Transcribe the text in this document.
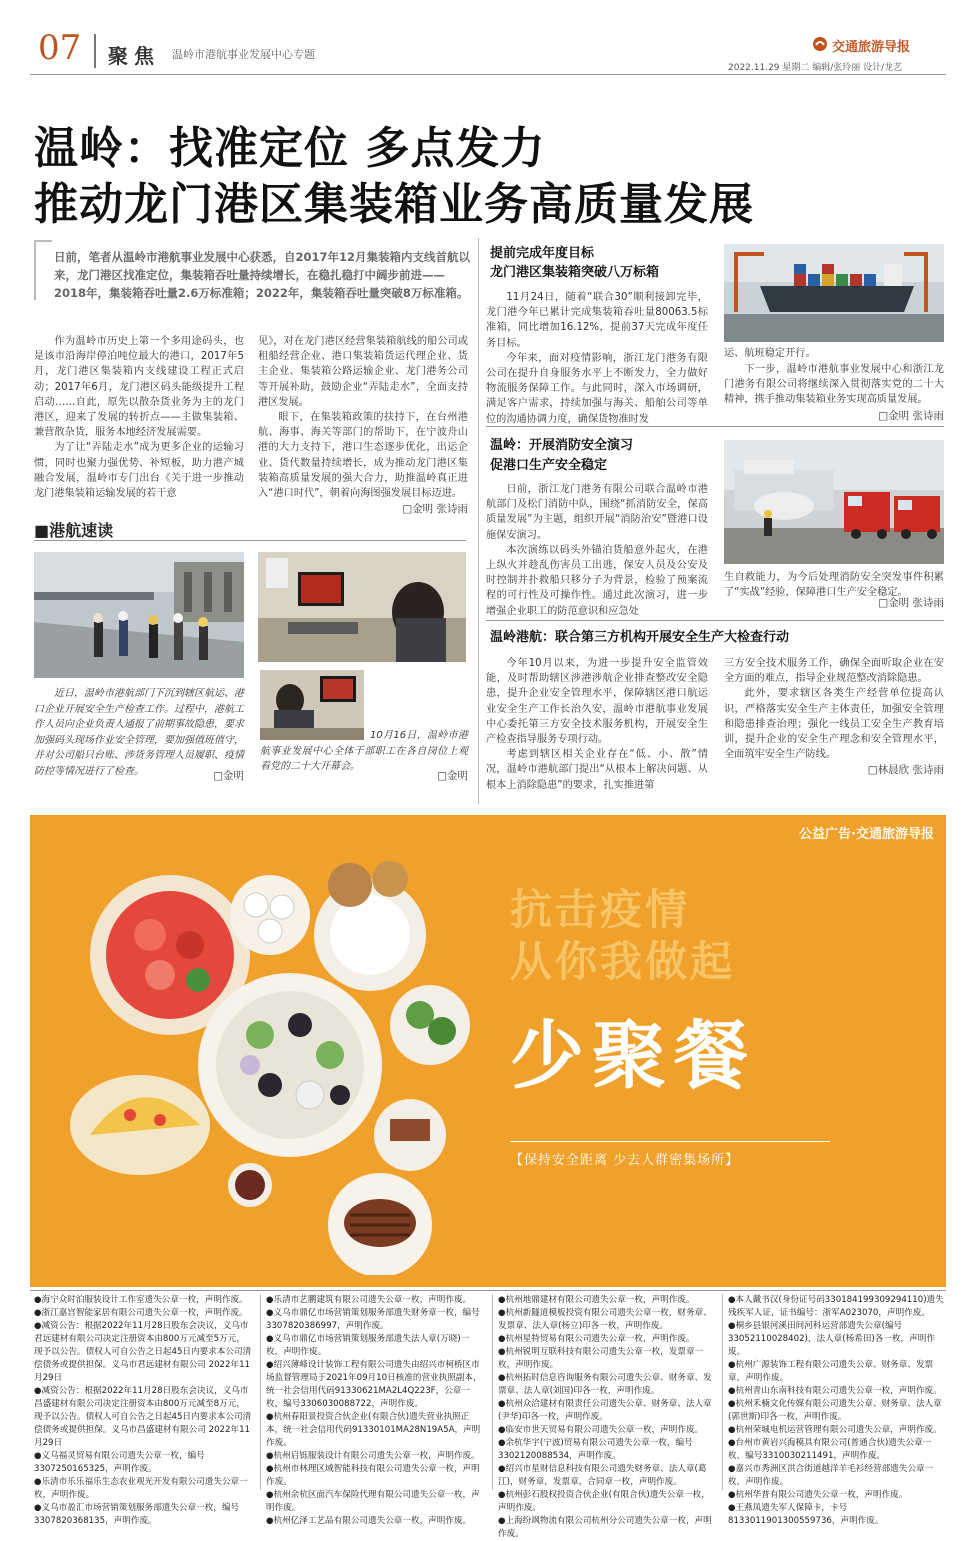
07 聚焦 温岭市港航事业发展中心专题	交通旅游导报
2022.11.29 星期二 编辑/张玲丽 设计/龙艺
温岭：找准定位 多点发力
推动龙门港区集装箱业务高质量发展

日前，笔者从温岭市港航事业发展中心获悉，自2017年12月集装箱内支线首航以来，龙门港区找准定位，集装箱吞吐量持续增长，在稳扎稳打中阔步前进——2018年，集装箱吞吐量2.6万标准箱；2022年，集装箱吞吐量突破8万标准箱。

作为温岭市历史上第一个多用途码头，也是该市沿海岸停泊吨位最大的港口，2017年5月，龙门港区集装箱内支线建设工程正式启动；2017年6月，龙门港区码头能级提升工程启动……自此，原先以散杂货业务为主的龙门港区，迎来了发展的转折点——主做集装箱、兼营散杂货，服务本地经济发展需要。

为了让“弄陆走水”成为更多企业的运输习惯，同时也聚力强优势、补短板，助力港产城融合发展，温岭市专门出台《关于进一步推动龙门港集装箱运输发展的若干意

见》，对在龙门港区经营集装箱航线的船公司或租船经营企业、港口集装箱货运代理企业、货主企业、集装箱公路运输企业、龙门港务公司等开展补助，鼓励企业“弄陆走水”，全面支持港区发展。

眼下，在集装箱政策的扶持下，在台州港航、海事、海关等部门的帮助下，在宁波舟山港的大力支持下，港口生态逐步优化，出运企业、货代数量持续增长，成为推动龙门港区集装箱高质量发展的强大合力，助推温岭真正进入“港口时代”，朝着向海图强发展目标迈进。

□金明 张诗雨

■港航速读

近日，温岭市港航部门下沉到辖区航运、港口企业开展安全生产检查工作。过程中，港航工作人员向企业负责人通报了前期事故隐患，要求加强码头现场作业安全管理，要加强值班值守，并对公司船只台账、涉货务管理人员履职、疫情防控等情况进行了检查。	□金明

10月16日，温岭市港航事业发展中心全体干部职工在各自岗位上观看党的二十大开幕会。

□金明

提前完成年度目标
龙门港区集装箱突破八万标箱

11月24日，随着“联合30”顺利接卸完毕，龙门港今年已累计完成集装箱吞吐量80063.5标准箱，同比增加16.12%，提前37天完成年度任务目标。

今年来，面对疫情影响，浙江龙门港务有限公司在提升自身服务水平上不断发力，全力做好物流服务保障工作。与此同时，深入市场调研，满足客户需求，持续加强与海关、船舶公司等单位的沟通协调力度，确保货物准时发

运、航班稳定开行。

下一步，温岭市港航事业发展中心和浙江龙门港务有限公司将继续深入贯彻落实党的二十大精神，携手推动集装箱业务实现高质量发展。

□金明 张诗雨

温岭：开展消防安全演习
促港口生产安全稳定

日前，浙江龙门港务有限公司联合温岭市港航部门及松门消防中队，围绕“抓消防安全，保高质量发展”为主题，组织开展“消防治安”暨港口设施保安演习。

本次演练以码头外锚泊货船意外起火，在港上纵火并趁乱伤害员工出逃，保安人员及公安及时控制并扑救船只移分子为背景，检验了预案流程的可行性及可操作性。通过此次演习，进一步增强企业职工的防范意识和应急处

生自救能力，为今后处理消防安全突发事件积累了“实战”经验，保障港口生产安全稳定。

□金明 张诗雨

温岭港航：联合第三方机构开展安全生产大检查行动

今年10月以来，为进一步提升安全监管效能，及时帮助辖区涉港涉航企业排查整改安全隐患，提升企业安全管理水平，保障辖区港口航运业安全生产工作长治久安，温岭市港航事业发展中心委托第三方安全技术服务机构，开展安全生产检查指导服务专项行动。

考虑到辖区相关企业存在“低、小、散”情况，温岭市港航部门提出“从根本上解决问题、从根本上消除隐患”的要求，扎实推进第

三方安全技术服务工作，确保全面听取企业在安全方面的难点，指导企业规范整改消除隐患。

此外，要求辖区各类生产经营单位提高认识，严格落实安全生产主体责任，加强安全管理和隐患排查治理；强化一线员工安全生产教育培训，提升企业的安全生产理念和安全管理水平，全面筑牢安全生产防线。

□林晨欣 张诗雨

公益广告·交通旅游导报
抗击疫情
从你我做起
少聚餐
【保持安全距离 少去人群密集场所】

●海宁众时泊服装设计工作室遗失公章一枚，声明作废。

●浙江嘉宫智能家居有限公司遗失公章一枚，声明作废。

●减资公告：根据2022年11月28日股东会决议，义乌市君远建材有限公司决定注册资本由800万元减至5万元，现予以公告。债权人可自公告之日起45日内要求本公司清偿债务或提供担保。义乌市君远建材有限公司 2022年11月29日

●减资公告：根据2022年11月28日股东会决议，义乌市昌盛建材有限公司决定注册资本由800万元减至8万元，现予以公告。债权人可自公告之日起45日内要求本公司清偿债务或提供担保。义乌市昌盛建材有限公司 2022年11月29日

●义乌福灵贸易有限公司遗失公章一枚，编号3307250165325，声明作废。

●乐清市乐乐福乐生态农业观光开发有限公司遗失公章一枚，声明作废。

●义乌市盈汇市场营销策划服务部遗失公章一枚，编号3307820368135，声明作废。

●乐清市艺鹏建筑有限公司遗失公章一枚，声明作废。

●义乌市鼎亿市场营销策划服务部遗失财务章一枚，编号3307820386997，声明作废。

●义乌市鼎亿市场营销策划服务部遗失法人章(万晓)一枚，声明作废。

●绍兴薄峰设计装饰工程有限公司遗失由绍兴市柯桥区市场监督管理局于2021年09月10日核准的营业执照副本，统一社会信用代码91330621MA2L4Q223F，公章一枚，编号3306030088722，声明作废。

●杭州春阳景投资合伙企业(有限合伙)遗失营业执照正本，统一社会信用代码91330101MA28N19A5A，声明作废。

●杭州启铄服装设计有限公司遗失公章一枚，声明作废。

●杭州市林理区域智能科技有限公司遗失公章一枚，声明作废。

●杭州余杭区面汽车保险代理有限公司遗失公章一枚，声明作废。

●杭州亿泽工艺品有限公司遗失公章一枚，声明作废。

●杭州地鼎建材有限公司遗失公章一枚，声明作废。

●杭州新隧道模板投资有限公司遗失公章一枚，财务章、发票章、法人章(杨立)印各一枚，声明作废。

●杭州星特贸易有限公司遗失公章一枚，声明作废。

●杭州锐明互联科技有限公司遗失公章一枚，发票章一枚，声明作废。

●杭州拓时信息咨询服务有限公司遗失公章、财务章、发票章、法人章(刘国)印各一枚，声明作废。

●杭州众洽建材有限责任公司遗失公章、财务章、法人章(尹华)印各一枚，声明作废。

●临安市世天贸易有限公司遗失公章一枚，声明作废。

●余杭华宇(宁波)贸易有限公司遗失公章一枚，编号3302120088534，声明作废。

●绍兴市星财信息科技有限公司遗失财务章、法人章(葛江)，财务章，发票章，合同章一枚，声明作废。

●杭州彭石股权投资合伙企业(有限合伙)遗失公章一枚，声明作废。

●上海纷飒物流有限公司杭州分公司遗失公章一枚，声明作废。

●本人戴书汉(身份证号码330184199309294110)遗失残疾军人证，证书编号：浙军A023070，声明作废。

●桐乡县银河溪田间河科运营部遗失公章(编号33052110028402)，法人章(杨希田)各一枚，声明作废。

●杭州广源装饰工程有限公司遗失公章、财务章、发票章，声明作废。

●杭州青山东南科技有限公司遗失公章一枚，声明作废。

●杭州禾楠文化传媒有限公司遗失公章、财务章、法人章(郭世斯)印各一枚，声明作废。

●杭州荣城电机运营管理有限公司遗失公章，声明作废。

●台州市黄岩兴海模具有限公司(普通合伙)遗失公章一枚，编号3310030211491，声明作废。

●嘉兴市秀洲区洪合街道越洋羊毛衫经营部遗失公章一枚，声明作废。

●杭州华普有限公司遗失公章一枚，声明作废。

●王燕凤遗失军人保障卡，卡号8133011901300559736，声明作废。
